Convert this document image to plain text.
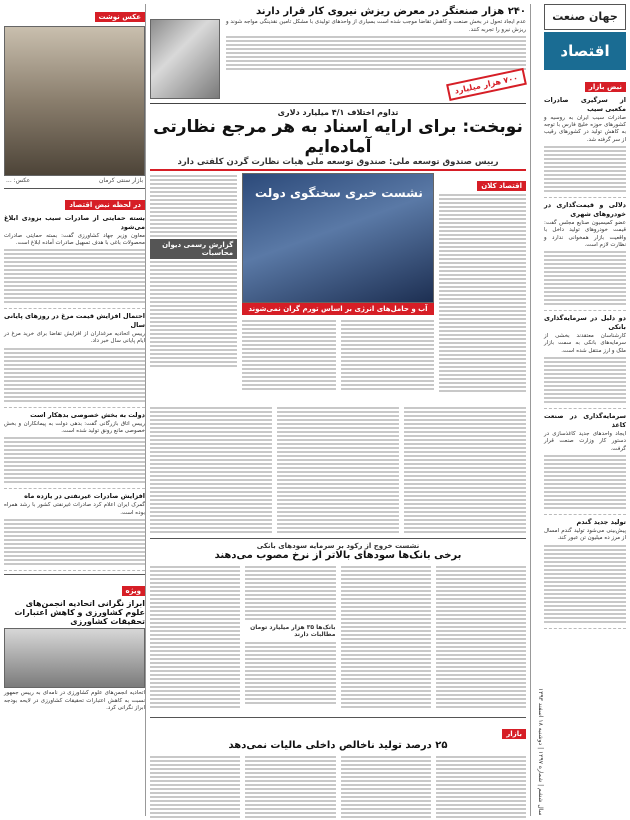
جهان صنعت
سال ششم | شماره ۱۲۹۷ | دوشنبه ۱۸ اسفند ۱۳۹۳
اقتصاد
نبض بازار
از سرگیری صادرات مکعبی سیب
صادرات سیب ایران به روسیه و کشورهای حوزه خلیج فارس با توجه به کاهش تولید در کشورهای رقیب از سر گرفته شد.
دلالی و قیمت‌گذاری در خودروهای شهری
عضو کمیسیون صنایع مجلس گفت: قیمت خودروهای تولید داخل با واقعیت بازار همخوانی ندارد و نظارت لازم است.
دو دلیل در سرمایه‌گذاری بانکی
کارشناسان معتقدند بخشی از سرمایه‌های بانکی به سمت بازار ملک و ارز منتقل شده است.
سرمایه‌گذاری در صنعت کاغذ
ایجاد واحدهای جدید کاغذسازی در دستور کار وزارت صنعت قرار گرفت.
تولید جدید گندم
پیش‌بینی می‌شود تولید گندم امسال از مرز ده میلیون تن عبور کند.
۲۴۰ هزار صنعتگر در معرض ریزش نیروی کار قرار دارند

عدم ایجاد تحول در بخش صنعت و کاهش تقاضا موجب شده است بسیاری از واحدهای تولیدی با مشکل تامین نقدینگی مواجه شوند و ریزش نیرو را تجربه کنند.

۷۰۰ هزار میلیارد
تداوم اختلاف ۴/۱ میلیارد دلاری
نوبخت: برای ارایه اسناد به هر مرجع نظارتی آماده‌ایم
رییس صندوق توسعه ملی: صندوق توسعه ملی هیات نظارت گردن کلفتی دارد
اقتصاد کلان
نشست خبری سخنگوی دولت
آب و حامل‌های انرژی بر اساس تورم گران نمی‌شوند
گزارش رسمی دیوان محاسبات
نشست خروج از رکود بر سرمایه سودهای بانکی
برخی بانک‌ها سودهای بالاتر از نرخ مصوب می‌دهند
بانک‌ها ۳۵ هزار میلیارد تومان مطالبات دارند
بازار
۲۵ درصد تولید ناخالص داخلی مالیات نمی‌دهد
عکس نوشت
بازار سنتی کرمان
عکس: ...
در لحظه نبض اقتصاد
بسته حمایتی از صادرات سیب بزودی ابلاغ می‌شود
معاون وزیر جهاد کشاورزی گفت: بسته حمایتی صادرات محصولات باغی با هدف تسهیل صادرات آماده ابلاغ است.
احتمال افزایش قیمت مرغ در روزهای پایانی سال
رییس اتحادیه مرغداران از افزایش تقاضا برای خرید مرغ در ایام پایانی سال خبر داد.
دولت به بخش خصوصی بدهکار است
رییس اتاق بازرگانی گفت: بدهی دولت به پیمانکاران و بخش خصوصی مانع رونق تولید شده است.
افزایش صادرات غیرنفتی در یازده ماه
گمرک ایران اعلام کرد صادرات غیرنفتی کشور با رشد همراه بوده است.
ویژه
ابراز نگرانی اتحادیه انجمن‌های علوم کشاورزی و کاهش اعتبارات تحقیقات کشاورزی

اتحادیه انجمن‌های علوم کشاورزی در نامه‌ای به رییس جمهور نسبت به کاهش اعتبارات تحقیقات کشاورزی در لایحه بودجه ابراز نگرانی کرد.
